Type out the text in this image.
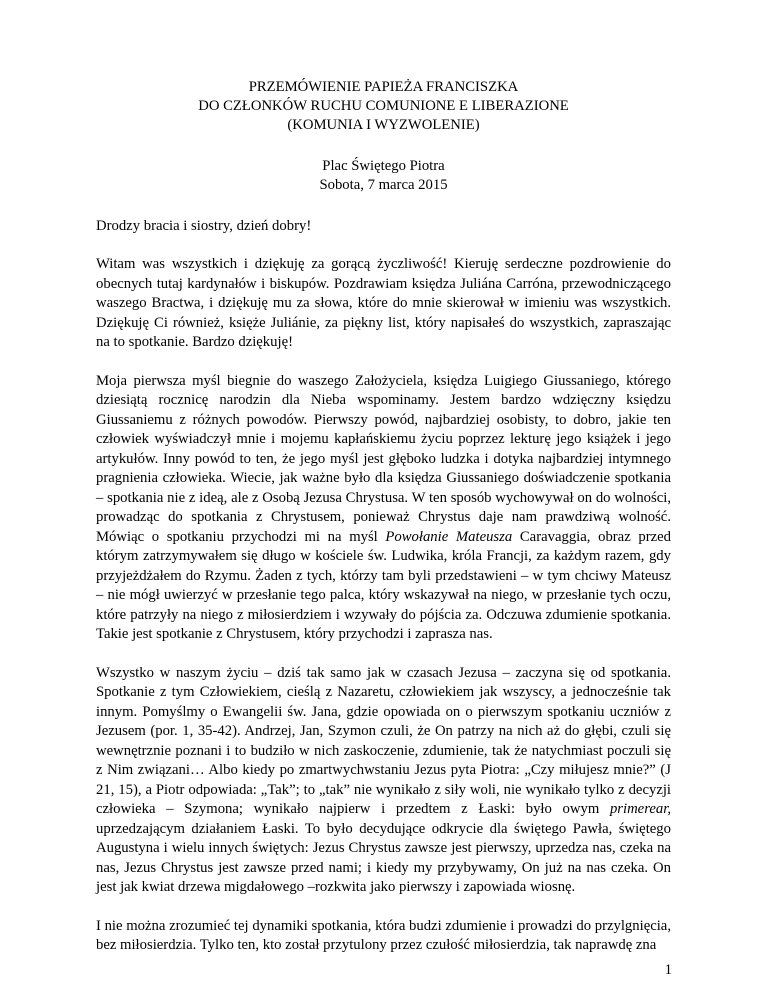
PRZEMÓWIENIE PAPIEŻA FRANCISZKA
DO CZŁONKÓW RUCHU COMUNIONE E LIBERAZIONE
(KOMUNIA I WYZWOLENIE)
Plac Świętego Piotra
Sobota, 7 marca 2015
Drodzy bracia i siostry, dzień dobry!

Witam was wszystkich i dziękuję za gorącą życzliwość! Kieruję serdeczne pozdrowienie do obecnych tutaj kardynałów i biskupów. Pozdrawiam księdza Juliána Carróna, przewodniczącego waszego Bractwa, i dziękuję mu za słowa, które do mnie skierował w imieniu was wszystkich. Dziękuję Ci również, księże Juliánie, za piękny list, który napisałeś do wszystkich, zapraszając na to spotkanie. Bardzo dziękuję!

Moja pierwsza myśl biegnie do waszego Założyciela, księdza Luigiego Giussaniego, którego dziesiątą rocznicę narodzin dla Nieba wspominamy. Jestem bardzo wdzięczny księdzu Giussaniemu z różnych powodów. Pierwszy powód, najbardziej osobisty, to dobro, jakie ten człowiek wyświadczył mnie i mojemu kapłańskiemu życiu poprzez lekturę jego książek i jego artykułów. Inny powód to ten, że jego myśl jest głęboko ludzka i dotyka najbardziej intymnego pragnienia człowieka. Wiecie, jak ważne było dla księdza Giussaniego doświadczenie spotkania – spotkania nie z ideą, ale z Osobą Jezusa Chrystusa. W ten sposób wychowywał on do wolności, prowadząc do spotkania z Chrystusem, ponieważ Chrystus daje nam prawdziwą wolność. Mówiąc o spotkaniu przychodzi mi na myśl Powołanie Mateusza Caravaggia, obraz przed którym zatrzymywałem się długo w kościele św. Ludwika, króla Francji, za każdym razem, gdy przyjeżdżałem do Rzymu. Żaden z tych, którzy tam byli przedstawieni – w tym chciwy Mateusz – nie mógł uwierzyć w przesłanie tego palca, który wskazywał na niego, w przesłanie tych oczu, które patrzyły na niego z miłosierdziem i wzywały do pójścia za. Odczuwa zdumienie spotkania. Takie jest spotkanie z Chrystusem, który przychodzi i zaprasza nas.

Wszystko w naszym życiu – dziś tak samo jak w czasach Jezusa – zaczyna się od spotkania. Spotkanie z tym Człowiekiem, cieślą z Nazaretu, człowiekiem jak wszyscy, a jednocześnie tak innym. Pomyślmy o Ewangelii św. Jana, gdzie opowiada on o pierwszym spotkaniu uczniów z Jezusem (por. 1, 35-42). Andrzej, Jan, Szymon czuli, że On patrzy na nich aż do głębi, czuli się wewnętrznie poznani i to budziło w nich zaskoczenie, zdumienie, tak że natychmiast poczuli się z Nim związani… Albo kiedy po zmartwychwstaniu Jezus pyta Piotra: „Czy miłujesz mnie?” (J 21, 15), a Piotr odpowiada: „Tak”; to „tak” nie wynikało z siły woli, nie wynikało tylko z decyzji człowieka – Szymona; wynikało najpierw i przedtem z Łaski: było owym primerear, uprzedzającym działaniem Łaski. To było decydujące odkrycie dla świętego Pawła, świętego Augustyna i wielu innych świętych: Jezus Chrystus zawsze jest pierwszy, uprzedza nas, czeka na nas, Jezus Chrystus jest zawsze przed nami; i kiedy my przybywamy, On już na nas czeka. On jest jak kwiat drzewa migdałowego –rozkwita jako pierwszy i zapowiada wiosnę.

I nie można zrozumieć tej dynamiki spotkania, która budzi zdumienie i prowadzi do przylgnięcia, bez miłosierdzia. Tylko ten, kto został przytulony przez czułość miłosierdzia, tak naprawdę zna

1
